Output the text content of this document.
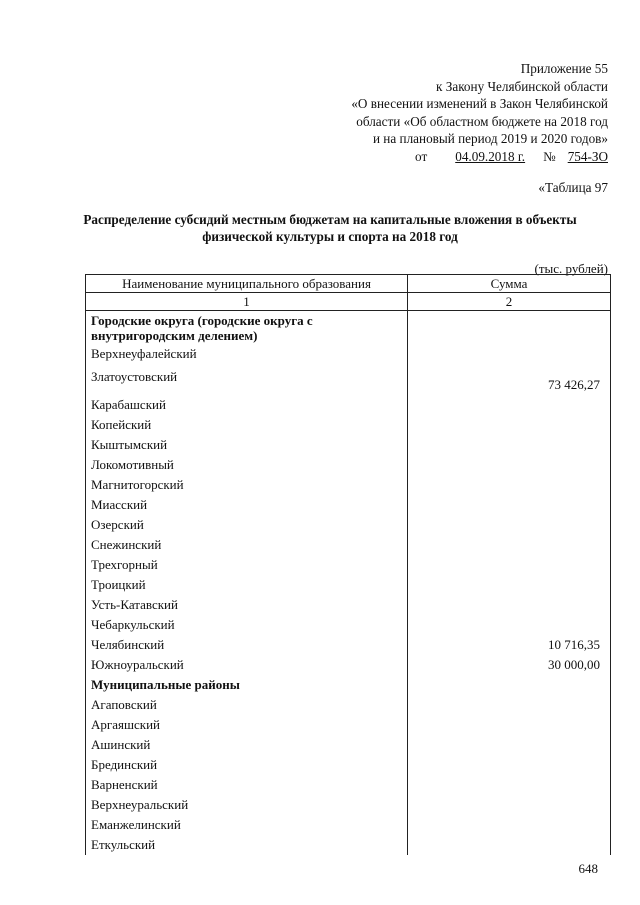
Приложение 55
к Закону Челябинской области
«О внесении изменений в Закон Челябинской
области «Об областном бюджете на 2018 год
и на плановый период 2019 и 2020 годов»
от 04.09.2018 г. № 754-ЗО
«Таблица 97
Распределение субсидий местным бюджетам на капитальные вложения в объекты физической культуры и спорта на 2018 год
(тыс. рублей)
Наименование муниципального образования	Сумма
1	2
Городские округа (городские округа с внутригородским делением)	
Верхнеуфалейский	
Златоустовский	73 426,27
Карабашский	
Копейский	
Кыштымский	
Локомотивный	
Магнитогорский	
Миасский	
Озерский	
Снежинский	
Трехгорный	
Троицкий	
Усть-Катавский	
Чебаркульский	
Челябинский	10 716,35
Южноуральский	30 000,00
Муниципальные районы	
Агаповский	
Аргаяшский	
Ашинский	
Брединский	
Варненский	
Верхнеуральский	
Еманжелинский	
Еткульский	
648
